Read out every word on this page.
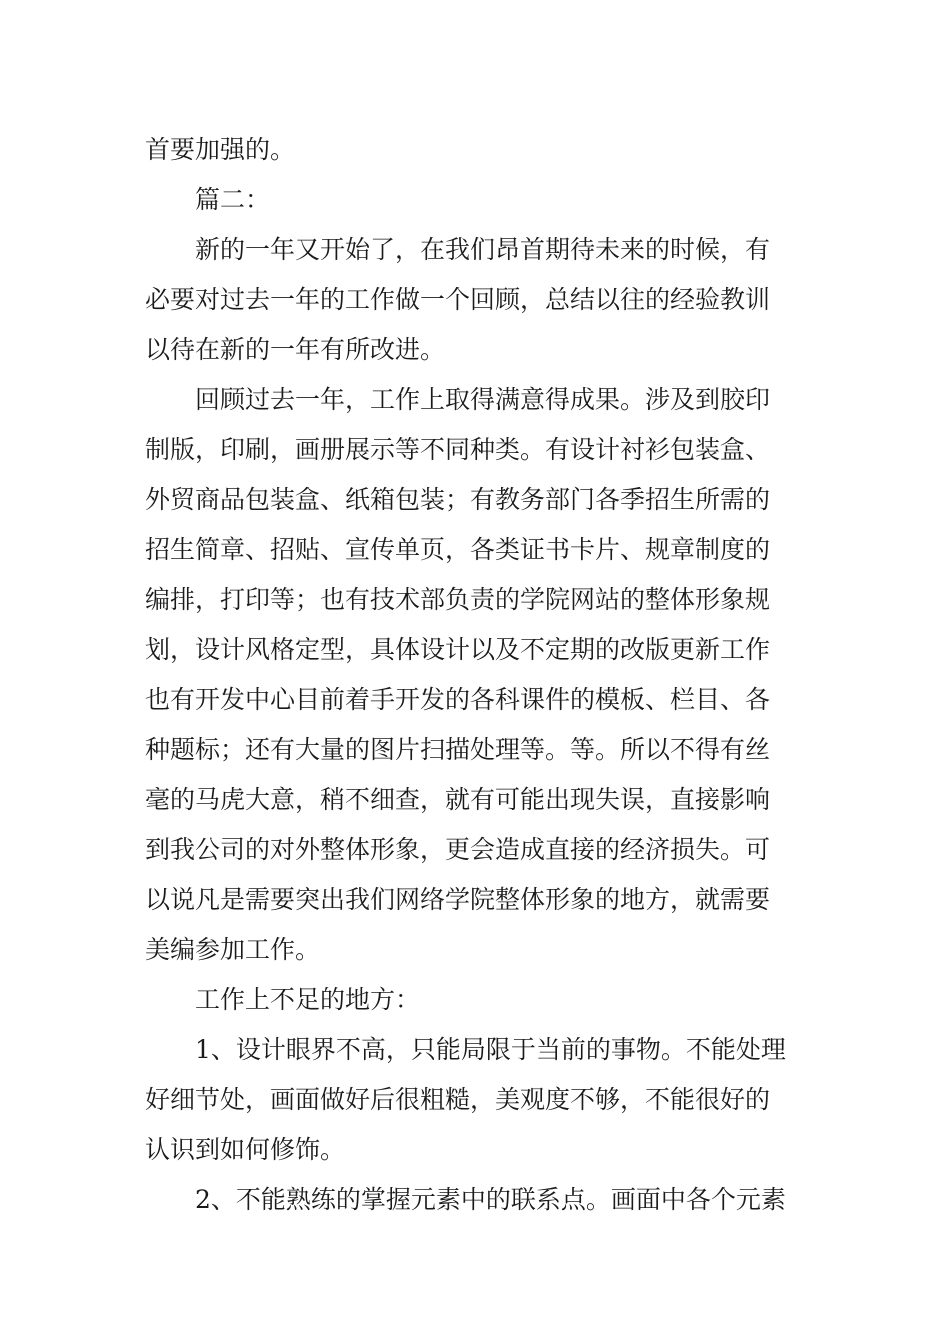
首要加强的。
篇二：
新的一年又开始了，在我们昂首期待未来的时候，有
必要对过去一年的工作做一个回顾，总结以往的经验教训
以待在新的一年有所改进。
回顾过去一年，工作上取得满意得成果。涉及到胶印
制版，印刷，画册展示等不同种类。有设计衬衫包装盒、
外贸商品包装盒、纸箱包装；有教务部门各季招生所需的
招生简章、招贴、宣传单页，各类证书卡片、规章制度的
编排，打印等；也有技术部负责的学院网站的整体形象规
划，设计风格定型，具体设计以及不定期的改版更新工作
也有开发中心目前着手开发的各科课件的模板、栏目、各
种题标；还有大量的图片扫描处理等。等。所以不得有丝
毫的马虎大意，稍不细查，就有可能出现失误，直接影响
到我公司的对外整体形象，更会造成直接的经济损失。可
以说凡是需要突出我们网络学院整体形象的地方，就需要
美编参加工作。
工作上不足的地方：
1、设计眼界不高，只能局限于当前的事物。不能处理
好细节处，画面做好后很粗糙，美观度不够，不能很好的
认识到如何修饰。
2、不能熟练的掌握元素中的联系点。画面中各个元素
